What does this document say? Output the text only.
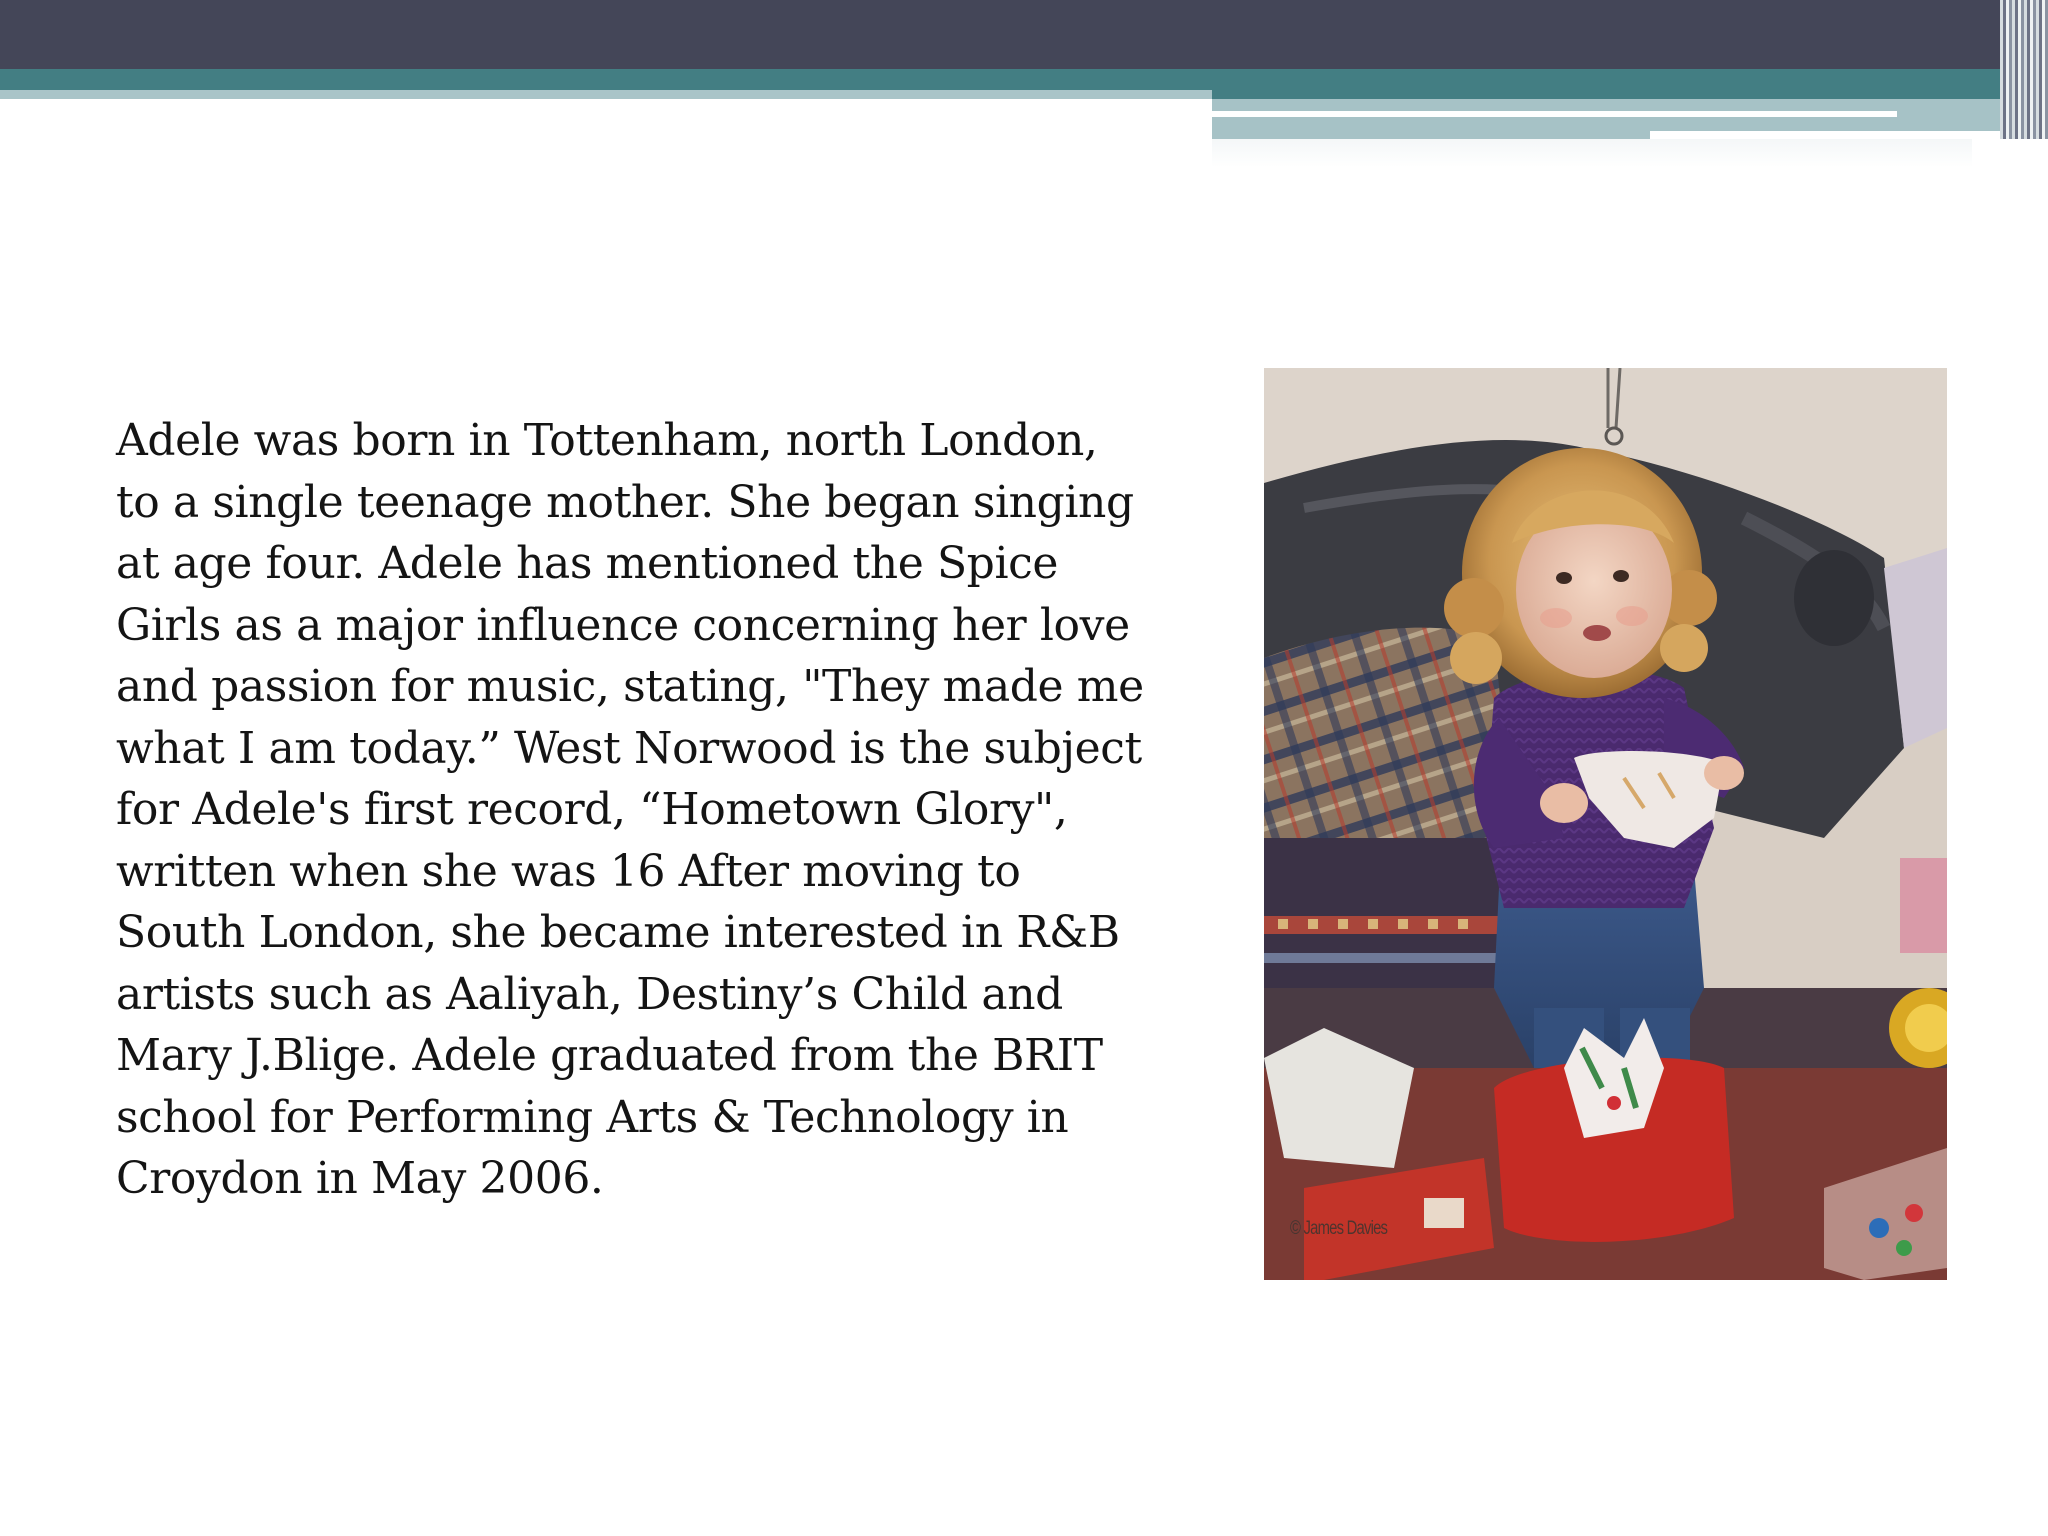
Adele was born in Tottenham, north London,
to a single teenage mother. She began singing
at age four. Adele has mentioned the Spice
Girls as a major influence concerning her love
and passion for music, stating, "They made me
what I am today.” West Norwood is the subject
for Adele's first record, “Hometown Glory",
written when she was 16 After moving to
South London, she became interested in R&B
artists such as Aaliyah, Destiny’s Child and
Mary J.Blige. Adele graduated from the BRIT
school for Performing Arts & Technology in
Croydon in May 2006.

© James Davies
